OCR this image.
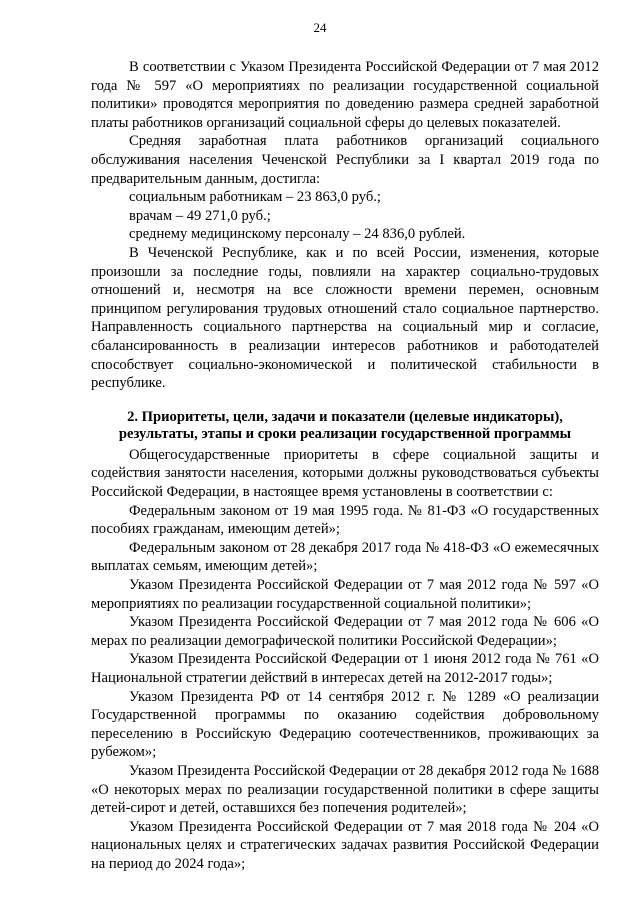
24

В соответствии с Указом Президента Российской Федерации от 7 мая 2012 года № 597 «О мероприятиях по реализации государственной социальной политики» проводятся мероприятия по доведению размера средней заработной платы работников организаций социальной сферы до целевых показателей.

Средняя заработная плата работников организаций социального обслуживания населения Чеченской Республики за I квартал 2019 года по предварительным данным, достигла:

социальным работникам – 23 863,0 руб.;

врачам – 49 271,0 руб.;

среднему медицинскому персоналу – 24 836,0 рублей.

В Чеченской Республике, как и по всей России, изменения, которые произошли за последние годы, повлияли на характер социально-трудовых отношений и, несмотря на все сложности времени перемен, основным принципом регулирования трудовых отношений стало социальное партнерство. Направленность социального партнерства на социальный мир и согласие, сбалансированность в реализации интересов работников и работодателей способствует социально-экономической и политической стабильности в республике.

2. Приоритеты, цели, задачи и показатели (целевые индикаторы),
результаты, этапы и сроки реализации государственной программы

Общегосударственные приоритеты в сфере социальной защиты и содействия занятости населения, которыми должны руководствоваться субъекты Российской Федерации, в настоящее время установлены в соответствии с:

Федеральным законом от 19 мая 1995 года. № 81-ФЗ «О государственных пособиях гражданам, имеющим детей»;

Федеральным законом от 28 декабря 2017 года № 418-ФЗ «О ежемесячных выплатах семьям, имеющим детей»;

Указом Президента Российской Федерации от 7 мая 2012 года № 597 «О мероприятиях по реализации государственной социальной политики»;

Указом Президента Российской Федерации от 7 мая 2012 года № 606 «О мерах по реализации демографической политики Российской Федерации»;

Указом Президента Российской Федерации от 1 июня 2012 года № 761 «О Национальной стратегии действий в интересах детей на 2012-2017 годы»;

Указом Президента РФ от 14 сентября 2012 г. № 1289 «О реализации Государственной программы по оказанию содействия добровольному переселению в Российскую Федерацию соотечественников, проживающих за рубежом»;

Указом Президента Российской Федерации от 28 декабря 2012 года № 1688 «О некоторых мерах по реализации государственной политики в сфере защиты детей-сирот и детей, оставшихся без попечения родителей»;

Указом Президента Российской Федерации от 7 мая 2018 года № 204 «О национальных целях и стратегических задачах развития Российской Федерации на период до 2024 года»;
